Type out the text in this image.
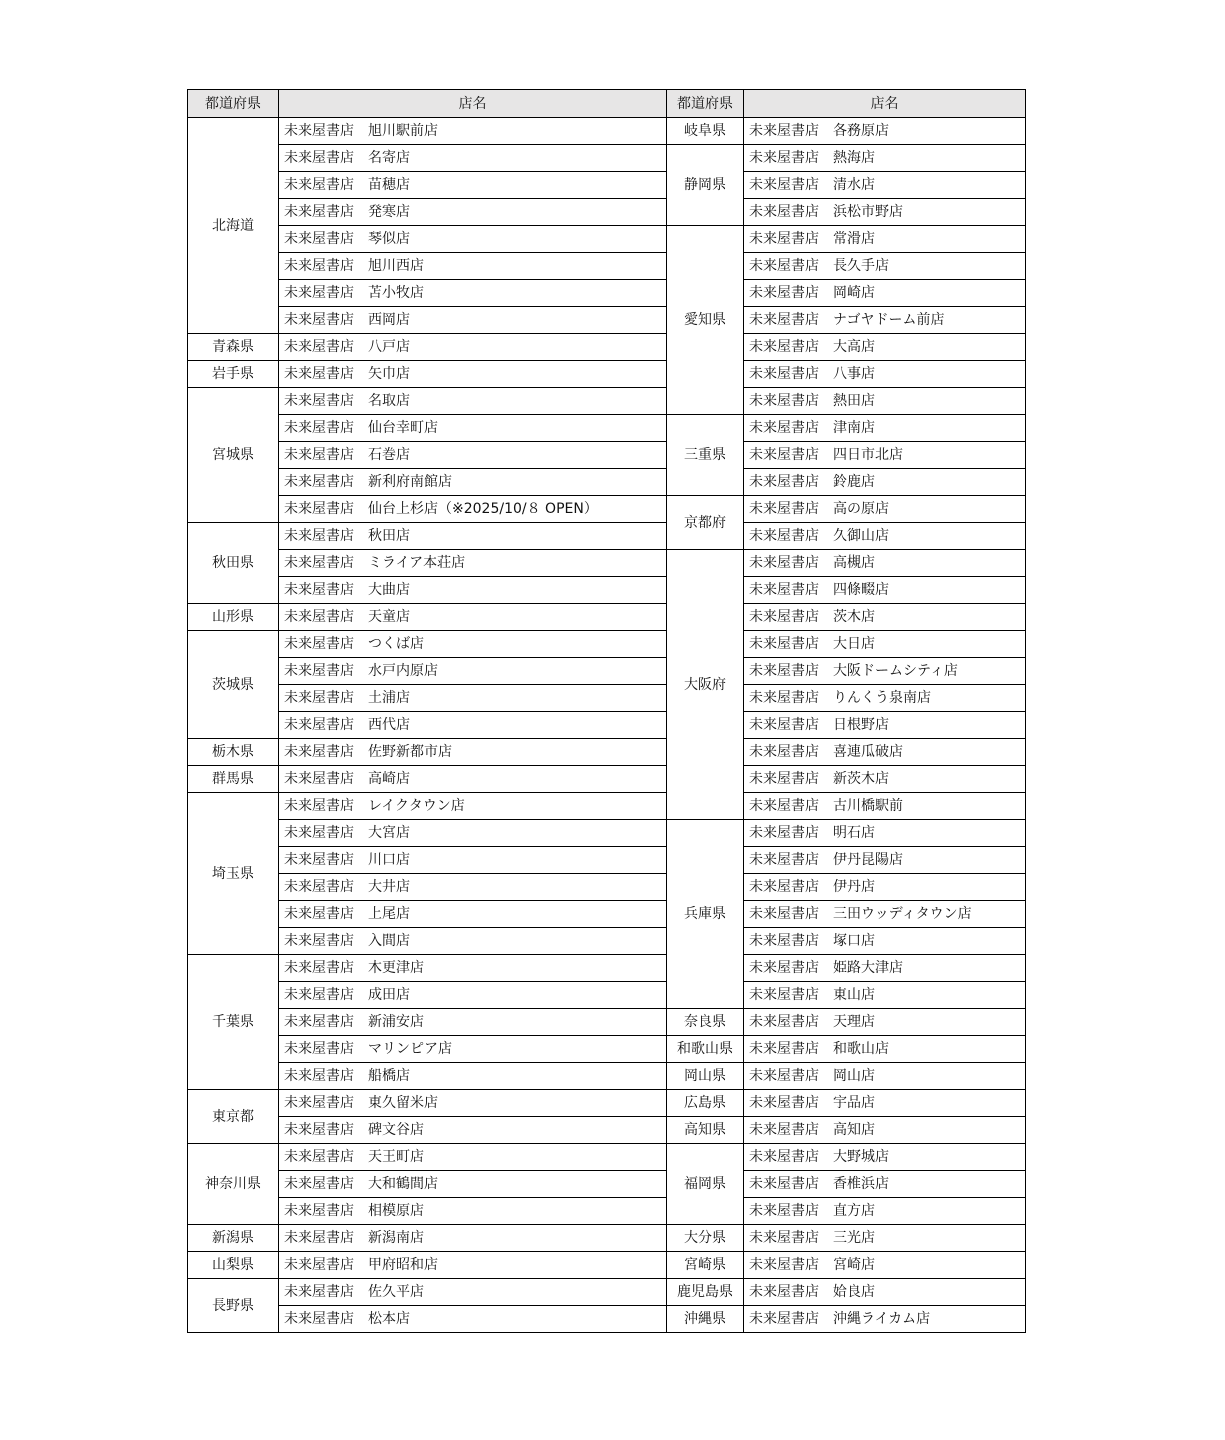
都道府県	店名	都道府県	店名
北海道	未来屋書店　旭川駅前店	岐阜県	未来屋書店　各務原店
	未来屋書店　名寄店	静岡県	未来屋書店　熱海店
	未来屋書店　苗穂店		未来屋書店　清水店
	未来屋書店　発寒店		未来屋書店　浜松市野店
	未来屋書店　琴似店	愛知県	未来屋書店　常滑店
	未来屋書店　旭川西店		未来屋書店　長久手店
	未来屋書店　苫小牧店		未来屋書店　岡崎店
	未来屋書店　西岡店		未来屋書店　ナゴヤドーム前店
青森県	未来屋書店　八戸店		未来屋書店　大高店
岩手県	未来屋書店　矢巾店		未来屋書店　八事店
宮城県	未来屋書店　名取店		未来屋書店　熱田店
	未来屋書店　仙台幸町店	三重県	未来屋書店　津南店
	未来屋書店　石巻店		未来屋書店　四日市北店
	未来屋書店　新利府南館店		未来屋書店　鈴鹿店
	未来屋書店　仙台上杉店（※2025/10/８ OPEN）	京都府	未来屋書店　高の原店
秋田県	未来屋書店　秋田店		未来屋書店　久御山店
	未来屋書店　ミライア本荘店	大阪府	未来屋書店　高槻店
	未来屋書店　大曲店		未来屋書店　四條畷店
山形県	未来屋書店　天童店		未来屋書店　茨木店
茨城県	未来屋書店　つくば店		未来屋書店　大日店
	未来屋書店　水戸内原店		未来屋書店　大阪ドームシティ店
	未来屋書店　土浦店		未来屋書店　りんくう泉南店
	未来屋書店　西代店		未来屋書店　日根野店
栃木県	未来屋書店　佐野新都市店		未来屋書店　喜連瓜破店
群馬県	未来屋書店　高崎店		未来屋書店　新茨木店
埼玉県	未来屋書店　レイクタウン店		未来屋書店　古川橋駅前
	未来屋書店　大宮店	兵庫県	未来屋書店　明石店
	未来屋書店　川口店		未来屋書店　伊丹昆陽店
	未来屋書店　大井店		未来屋書店　伊丹店
	未来屋書店　上尾店		未来屋書店　三田ウッディタウン店
	未来屋書店　入間店		未来屋書店　塚口店
千葉県	未来屋書店　木更津店		未来屋書店　姫路大津店
	未来屋書店　成田店		未来屋書店　東山店
	未来屋書店　新浦安店	奈良県	未来屋書店　天理店
	未来屋書店　マリンピア店	和歌山県	未来屋書店　和歌山店
	未来屋書店　船橋店	岡山県	未来屋書店　岡山店
東京都	未来屋書店　東久留米店	広島県	未来屋書店　宇品店
	未来屋書店　碑文谷店	高知県	未来屋書店　高知店
神奈川県	未来屋書店　天王町店	福岡県	未来屋書店　大野城店
	未来屋書店　大和鶴間店		未来屋書店　香椎浜店
	未来屋書店　相模原店		未来屋書店　直方店
新潟県	未来屋書店　新潟南店	大分県	未来屋書店　三光店
山梨県	未来屋書店　甲府昭和店	宮崎県	未来屋書店　宮崎店
長野県	未来屋書店　佐久平店	鹿児島県	未来屋書店　姶良店
	未来屋書店　松本店	沖縄県	未来屋書店　沖縄ライカム店
